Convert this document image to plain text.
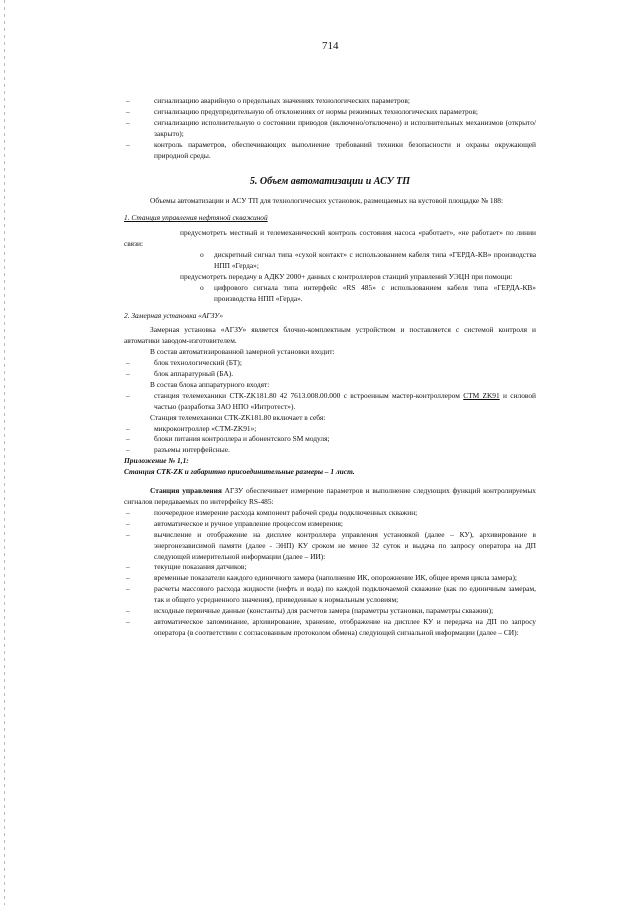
714
–	сигнализацию аварийную о предельных значениях технологических параметров;
–	сигнализацию предупредительную об отклонениях от нормы режимных технологических параметров;
–	сигнализацию исполнительную о состоянии приводов (включено/отключено) и исполнительных механизмов (открыто/закрыто);
–	контроль параметров, обеспечивающих выполнение требований техники безопасности и охраны окружающей природной среды.
5. Объем автоматизации и АСУ ТП

Объемы автоматизации и АСУ ТП для технологических установок, размещаемых на кустовой площадке № 188:

1. Станция управления нефтяной скважиной

предусмотреть местный и телемеханический контроль состояния насоса «работает», «не работает» по линии связи:

o	дискретный сигнал типа «сухой контакт» с использованием кабеля типа «ГЕРДА-КВ» производства НПП «Герда»;

предусмотреть передачу в АДКУ 2000+ данных с контроллеров станций управлений УЭЦН при помощи:

o	цифрового сигнала типа интерфейс «RS 485» с использованием кабеля типа «ГЕРДА-КВ» производства НПП «Герда».
2. Замерная установка «АГЗУ»

Замерная установка «АГЗУ» является блочно-комплектным устройством и поставляется с системой контроля и автоматики заводом-изготовителем.

В состав автоматизированной замерной установки входит:

–	блок технологический (БТ);
–	блок аппаратурный (БА).

В состав блока аппаратурного входят:

–	станция телемеханики СТК-ZK181.80 42 7613.008.00.000 с встроенным мастер-контроллером СТМ ZK91 и силовой частью (разработка ЗАО НПО «Интротест»).

Станция телемеханики СТК-ZK181.80 включает в себя:

–	микроконтроллер «СТМ-ZK91»;
–	блоки питания контроллера и абонентского SM модуля;
–	разъемы интерфейсные.

Приложение № 1,1:

Станция СТК-ZK и габаритно присоединительные размеры – 1 лист.

Станция управления АГЗУ обеспечивает измерение параметров и выполнение следующих функций контролируемых сигналов передаваемых по интерфейсу RS-485:

–	поочередное измерение расхода компонент рабочей среды подключенных скважин;
–	автоматическое и ручное управление процессом измерения;
–	вычисление и отображение на дисплее контроллера управления установкой (далее – КУ), архивирование в энергонезависимой памяти (далее - ЭНП) КУ сроком не менее 32 суток и выдача по запросу оператора на ДП следующей измерительной информации (далее – ИИ):
–	текущие показания датчиков;
–	временные показатели каждого единичного замера (наполнение ИК, опорожнение ИК, общее время цикла замера);
–	расчеты массового расхода жидкости (нефть и вода) по каждой подключаемой скважине (как по единичным замерам, так и общего усредненного значения), приведенные к нормальным условиям;
–	исходные первичные данные (константы) для расчетов замера (параметры установки, параметры скважин);
–	автоматическое запоминание, архивирование, хранение, отображение на дисплее КУ и передача на ДП по запросу оператора (в соответствии с согласованным протоколом обмена) следующей сигнальной информации (далее – СИ):
